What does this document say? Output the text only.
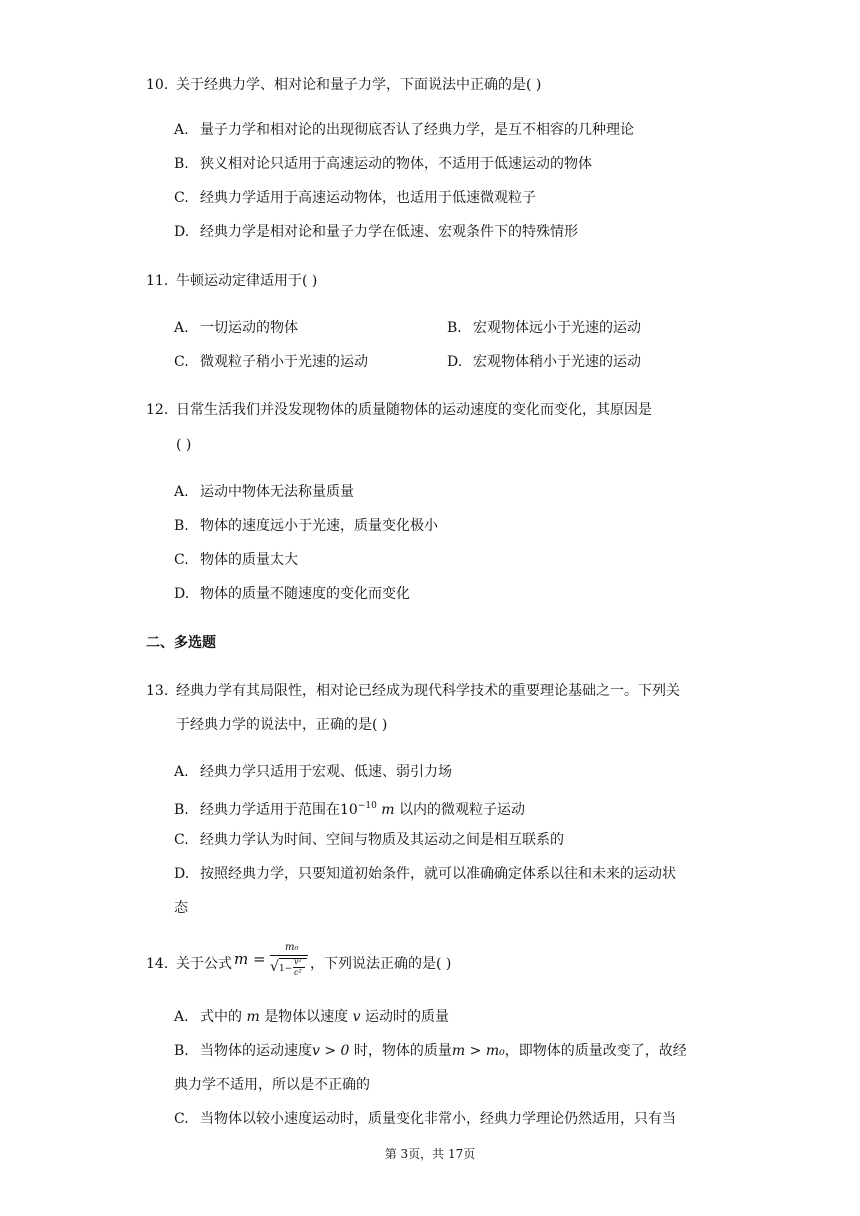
10. 关于经典力学、相对论和量子力学，下面说法中正确的是( )
A. 量子力学和相对论的出现彻底否认了经典力学，是互不相容的几种理论
B. 狭义相对论只适用于高速运动的物体，不适用于低速运动的物体
C. 经典力学适用于高速运动物体，也适用于低速微观粒子
D. 经典力学是相对论和量子力学在低速、宏观条件下的特殊情形
11. 牛顿运动定律适用于( )
A. 一切运动的物体	B. 宏观物体远小于光速的运动
C. 微观粒子稍小于光速的运动	D. 宏观物体稍小于光速的运动
12. 日常生活我们并没发现物体的质量随物体的运动速度的变化而变化，其原因是
( )
A. 运动中物体无法称量质量
B. 物体的速度远小于光速，质量变化极小
C. 物体的质量太大
D. 物体的质量不随速度的变化而变化
二、多选题
13. 经典力学有其局限性，相对论已经成为现代科学技术的重要理论基础之一。下列关
于经典力学的说法中，正确的是( )
A. 经典力学只适用于宏观、低速、弱引力场
B. 经典力学适用于范围在$10^{-10}$ m 以内的微观粒子运动
C. 经典力学认为时间、空间与物质及其运动之间是相互联系的
D. 按照经典力学，只要知道初始条件，就可以准确确定体系以往和未来的运动状
态
14. 关于公式 m =
m₀
√ 1−
v²
c²
，下列说法正确的是( )
A. 式中的 m 是物体以速度 v 运动时的质量
B. 当物体的运动速度v > 0 时，物体的质量m > m₀，即物体的质量改变了，故经
典力学不适用，所以是不正确的
C. 当物体以较小速度运动时，质量变化非常小，经典力学理论仍然适用，只有当
第 3页，共 17页
